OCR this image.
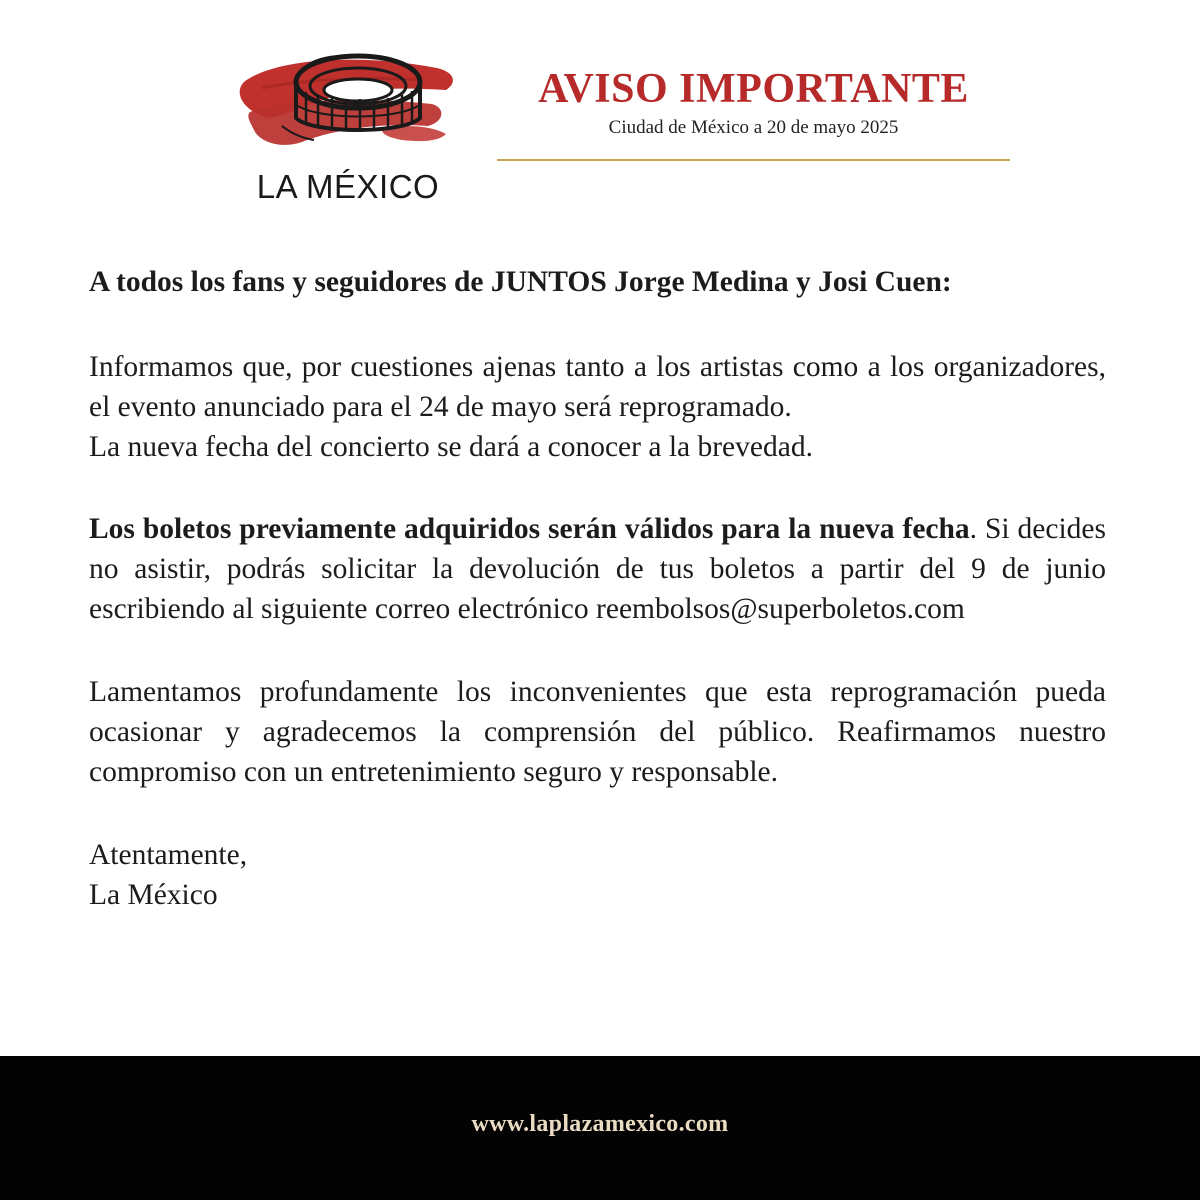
LA MÉXICO
AVISO IMPORTANTE
Ciudad de México a 20 de mayo 2025

A todos los fans y seguidores de JUNTOS Jorge Medina y Josi Cuen:

Informamos que, por cuestiones ajenas tanto a los artistas como a los organizadores, el evento anunciado para el 24 de mayo será reprogramado.
La nueva fecha del concierto se dará a conocer a la brevedad.

Los boletos previamente adquiridos serán válidos para la nueva fecha. Si decides no asistir, podrás solicitar la devolución de tus boletos a partir del 9 de junio escribiendo al siguiente correo electrónico reembolsos@superboletos.com

Lamentamos profundamente los inconvenientes que esta reprogramación pueda ocasionar y agradecemos la comprensión del público. Reafirmamos nuestro compromiso con un entretenimiento seguro y responsable.

Atentamente,

La México

www.laplazamexico.com
